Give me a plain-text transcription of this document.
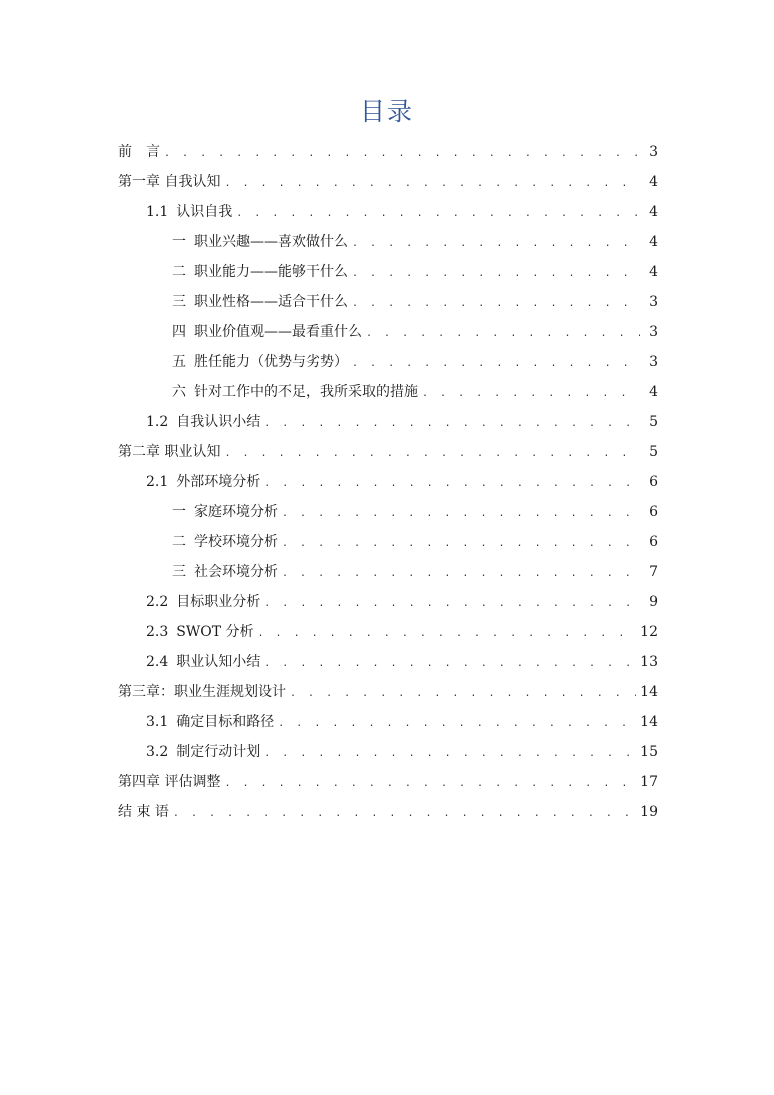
目录
前　言 . . .	3
第一章 自我认知 . . .	4
1.1 认识自我 . . .	4
一 职业兴趣——喜欢做什么 . . .	4
二 职业能力——能够干什么 . . .	4
三 职业性格——适合干什么 . . .	3
四 职业价值观——最看重什么 . . .	3
五 胜任能力（优势与劣势） . . .	3
六 针对工作中的不足，我所采取的措施 . . .	4
1.2 自我认识小结 . . .	5
第二章 职业认知 . . .	5
2.1 外部环境分析 . . .	6
一 家庭环境分析 . . .	6
二 学校环境分析 . . .	6
三 社会环境分析 . . .	7
2.2 目标职业分析 . . .	9
2.3 SWOT 分析 . . .	12
2.4 职业认知小结 . . .	13
第三章：职业生涯规划设计 . . .	14
3.1 确定目标和路径 . . .	14
3.2 制定行动计划 . . .	15
第四章 评估调整 . . .	17
结 束 语 . . .	19
